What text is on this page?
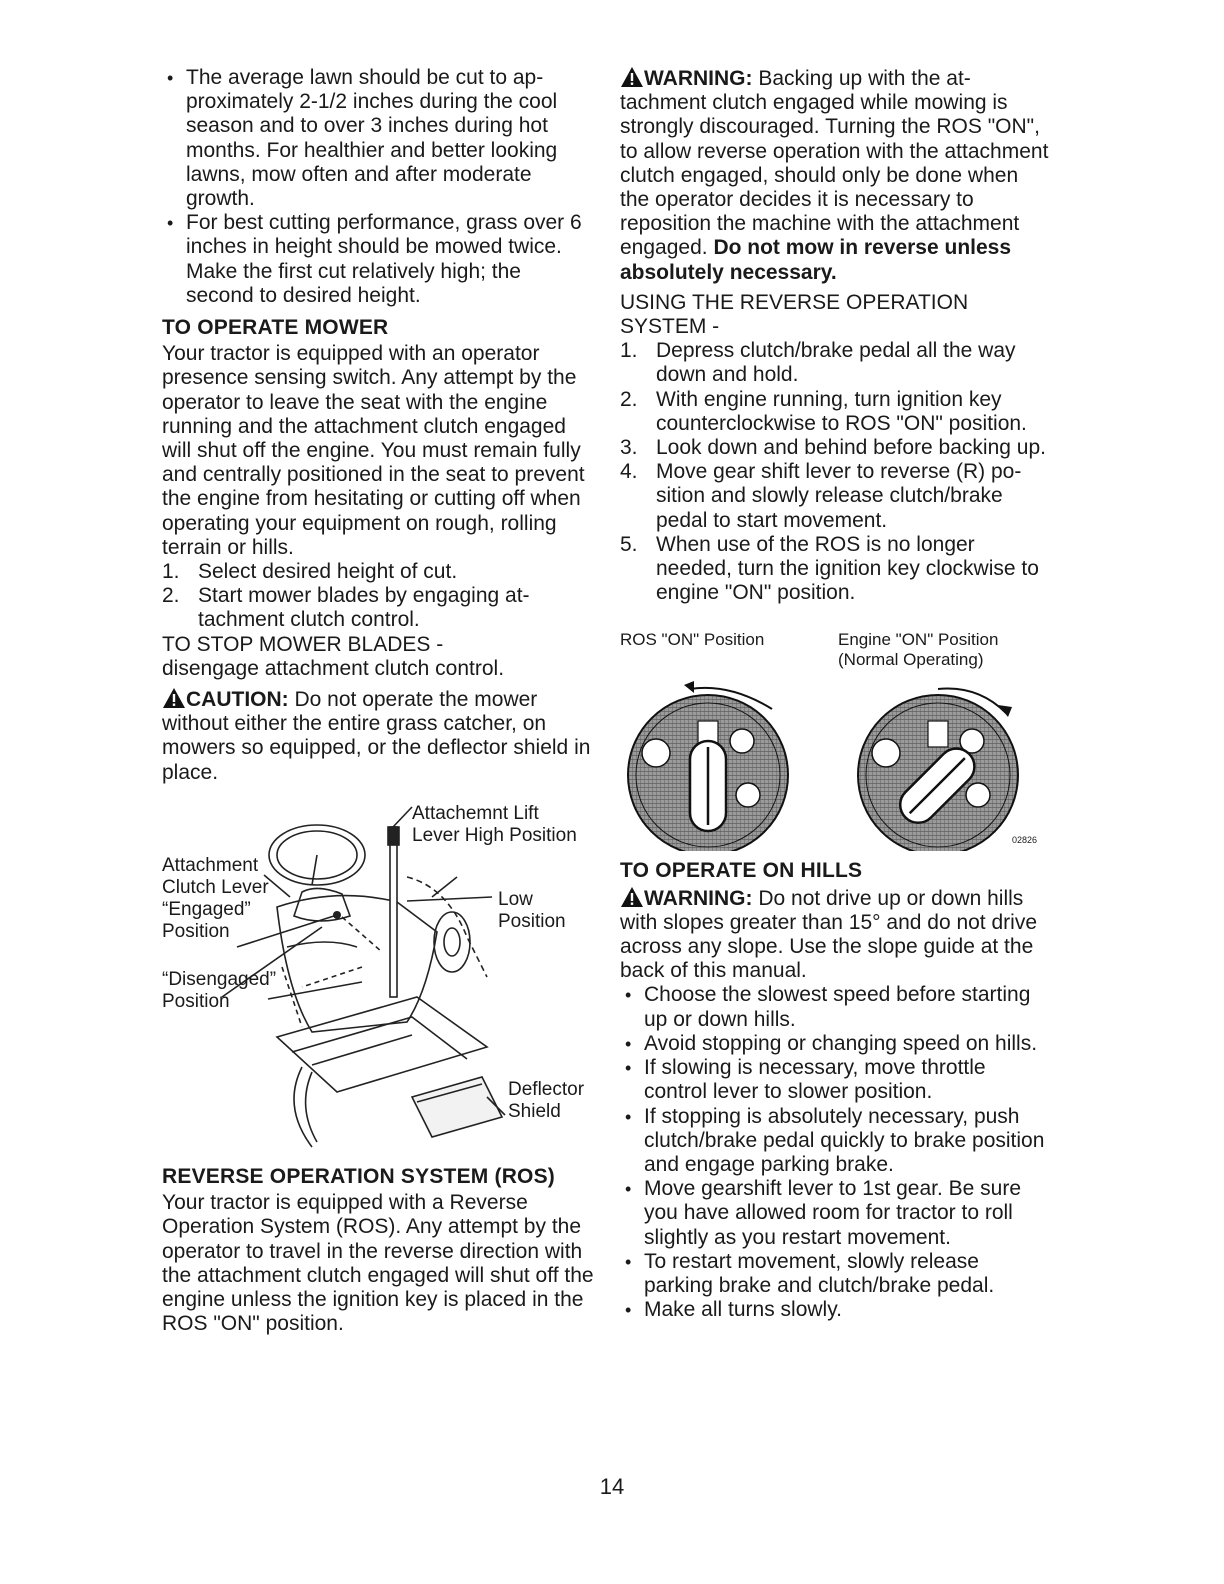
• The average lawn should be cut to approximately 2-1/2 inches during the cool season and to over 3 inches during hot months. For healthier and better looking lawns, mow often and after moderate growth.
• For best cutting performance, grass over 6 inches in height should be mowed twice. Make the first cut relatively high; the second to desired height.
TO OPERATE MOWER

Your tractor is equipped with an operator presence sensing switch. Any attempt by the operator to leave the seat with the engine running and the attachment clutch engaged will shut off the engine. You must remain fully and centrally positioned in the seat to prevent the engine from hesitating or cutting off when operating your equipment on rough, rolling terrain or hills.

1. Select desired height of cut.
2. Start mower blades by engaging attachment clutch control.

TO STOP MOWER BLADES -

disengage attachment clutch control.

CAUTION: Do not operate the mower without either the entire grass catcher, on mowers so equipped, or the deflector shield in place.

Attachemnt Lift
Lever High Position
Attachment
Clutch Lever
“Engaged”
Position
Low
Position
“Disengaged”
Position
Deflector
Shield
REVERSE OPERATION SYSTEM (ROS)

Your tractor is equipped with a Reverse Operation System (ROS). Any attempt by the operator to travel in the reverse direction with the attachment clutch engaged will shut off the engine unless the ignition key is placed in the ROS "ON" position.

WARNING: Backing up with the attachment clutch engaged while mowing is strongly discouraged. Turning the ROS "ON", to allow reverse operation with the attachment clutch engaged, should only be done when the operator decides it is necessary to reposition the machine with the attachment engaged. Do not mow in reverse unless absolutely necessary.

USING THE REVERSE OPERATION SYSTEM -

1. Depress clutch/brake pedal all the way down and hold.
2. With engine running, turn ignition key counterclockwise to ROS "ON" position.
3. Look down and behind before backing up.
4. Move gear shift lever to reverse (R) position and slowly release clutch/brake pedal to start movement.
5. When use of the ROS is no longer needed, turn the ignition key clockwise to engine "ON" position.
ROS "ON" Position	Engine "ON" Position
(Normal Operating)
02826
TO OPERATE ON HILLS

WARNING: Do not drive up or down hills with slopes greater than 15° and do not drive across any slope. Use the slope guide at the back of this manual.

• Choose the slowest speed before starting up or down hills.
• Avoid stopping or changing speed on hills.
• If slowing is necessary, move throttle control lever to slower position.
• If stopping is absolutely necessary, push clutch/brake pedal quickly to brake position and engage parking brake.
• Move gearshift lever to 1st gear. Be sure you have allowed room for tractor to roll slightly as you restart movement.
• To restart movement, slowly release parking brake and clutch/brake pedal.
• Make all turns slowly.
14
